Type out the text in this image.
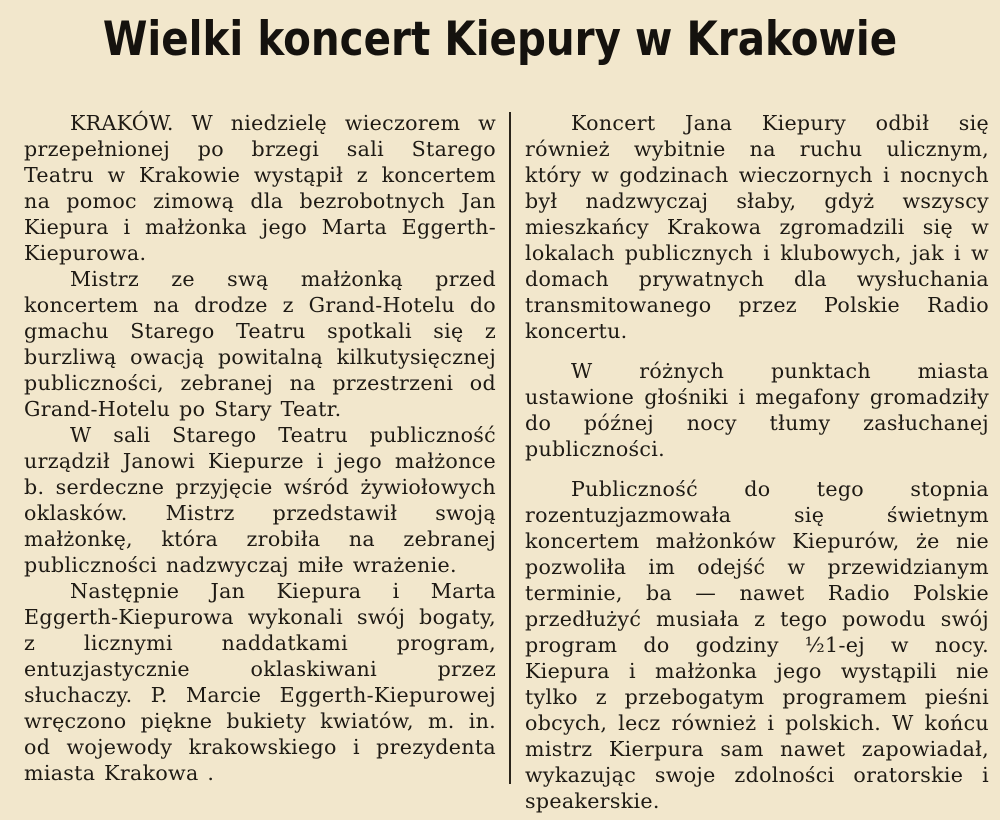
Wielki koncert Kiepury w Krakowie

KRAKÓW. W niedzielę wieczorem w przepełnionej po brzegi sali Starego Teatru w Krakowie wystąpił z koncertem na pomoc zimową dla bezrobotnych Jan Kiepura i małżonka jego Marta Eggerth-Kiepurowa.

Mistrz ze swą małżonką przed koncertem na drodze z Grand-Hotelu do gmachu Starego Teatru spotkali się z burzliwą owacją powitalną kilkutysięcznej publiczności, zebranej na przestrzeni od Grand-Hotelu po Stary Teatr.

W sali Starego Teatru publiczność urządził Janowi Kiepurze i jego małżonce b. serdeczne przyjęcie wśród żywiołowych oklasków. Mistrz przedstawił swoją małżonkę, która zrobiła na zebranej publiczności nadzwyczaj miłe wrażenie.

Następnie Jan Kiepura i Marta Eggerth-Kiepurowa wykonali swój bogaty, z licznymi naddatkami program, entuzjastycznie oklaskiwani przez słuchaczy. P. Marcie Eggerth-Kiepurowej wręczono piękne bukiety kwiatów, m. in. od wojewody krakowskiego i prezydenta miasta Krakowa .

Koncert Jana Kiepury odbił się również wybitnie na ruchu ulicznym, który w godzinach wieczornych i nocnych był nadzwyczaj słaby, gdyż wszyscy mieszkańcy Krakowa zgromadzili się w lokalach publicznych i klubowych, jak i w domach prywatnych dla wysłuchania transmitowanego przez Polskie Radio koncertu.

W różnych punktach miasta ustawione głośniki i megafony gromadziły do późnej nocy tłumy zasłuchanej publiczności.

Publiczność do tego stopnia rozentuzjazmowała się świetnym koncertem małżonków Kiepurów, że nie pozwoliła im odejść w przewidzianym terminie, ba — nawet Radio Polskie przedłużyć musiała z tego powodu swój program do godziny ½1-ej w nocy. Kiepura i małżonka jego wystąpili nie tylko z przebogatym programem pieśni obcych, lecz również i polskich. W końcu mistrz Kierpura sam nawet zapowiadał, wykazując swoje zdolności oratorskie i speakerskie.
